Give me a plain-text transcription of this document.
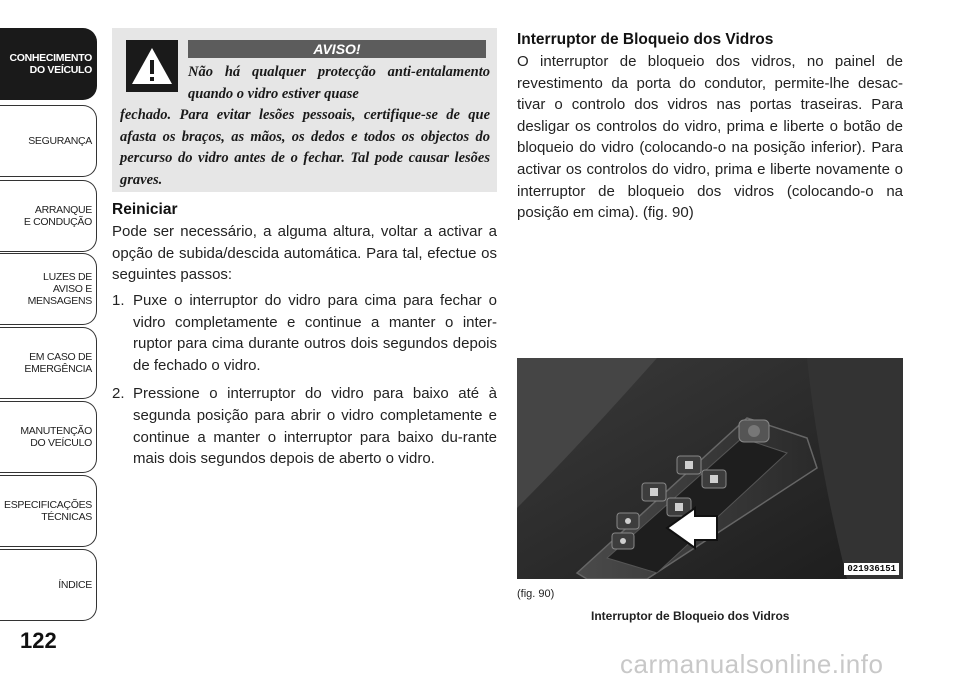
CONHECIMENTO
DO VEÍCULO
SEGURANÇA
ARRANQUE
E CONDUÇÃO
LUZES DE
AVISO E
MENSAGENS
EM CASO DE
EMERGÊNCIA
MANUTENÇÃO
DO VEÍCULO
ESPECIFICAÇÕES
TÉCNICAS
ÍNDICE
122
AVISO!
Não há qualquer protecção anti-entalamento quando o vidro estiver quase
fechado. Para evitar lesões pessoais, certifique-se de que afasta os braços, as mãos, os dedos e todos os objectos do percurso do vidro antes de o fechar. Tal pode causar lesões graves.
Reiniciar
Pode ser necessário, a alguma altura, voltar a activar a opção de subida/descida automática. Para tal, efectue os seguintes passos:
1. Puxe o interruptor do vidro para cima para fechar o vidro completamente e continue a manter o inter-ruptor para cima durante outros dois segundos depois de fechado o vidro.
2. Pressione o interruptor do vidro para baixo até à segunda posição para abrir o vidro completamente e continue a manter o interruptor para baixo du-rante mais dois segundos depois de aberto o vidro.
Interruptor de Bloqueio dos Vidros
O interruptor de bloqueio dos vidros, no painel de revestimento da porta do condutor, permite-lhe desac-tivar o controlo dos vidros nas portas traseiras. Para desligar os controlos do vidro, prima e liberte o botão de bloqueio do vidro (colocando-o na posição inferior). Para activar os controlos do vidro, prima e liberte novamente o interruptor de bloqueio dos vidros (colocando-o na posição em cima). (fig. 90)
021936151
(fig. 90)
Interruptor de Bloqueio dos Vidros
carmanualsonline.info
